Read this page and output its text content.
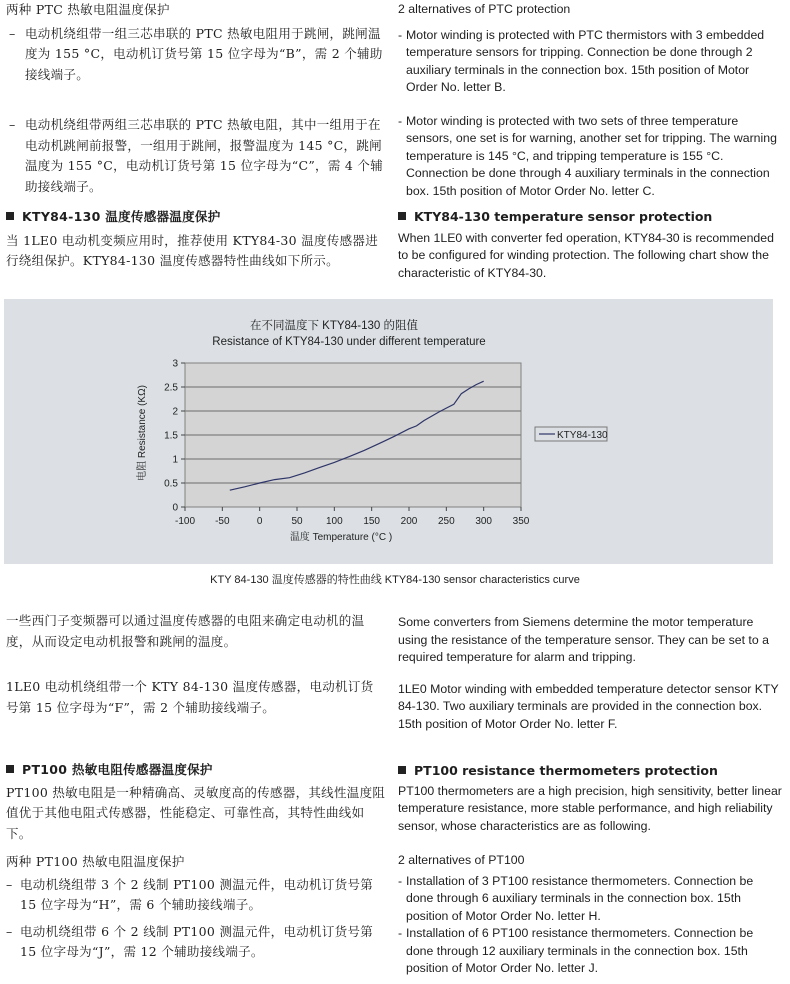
两种 PTC 热敏电阻温度保护
– 电动机绕组带一组三芯串联的 PTC 热敏电阻用于跳闸，跳闸温度为 155 °C，电动机订货号第 15 位字母为“B”，需 2 个辅助接线端子。
– 电动机绕组带两组三芯串联的 PTC 热敏电阻，其中一组用于在电动机跳闸前报警，一组用于跳闸，报警温度为 145 °C，跳闸温度为 155 °C，电动机订货号第 15 位字母为“C”，需 4 个辅助接线端子。
2 alternatives of PTC protection
- Motor winding is protected with PTC thermistors with 3 embedded temperature sensors for tripping. Connection be done through 2 auxiliary terminals in the connection box. 15th position of Motor Order No. letter B.
- Motor winding is protected with two sets of three temperature sensors, one set is for warning, another set for tripping. The warning temperature is 145 °C, and tripping temperature is 155 °C. Connection be done through 4 auxiliary terminals in the connection box. 15th position of Motor Order No. letter C.
KTY84-130 温度传感器温度保护
当 1LE0 电动机变频应用时，推荐使用 KTY84-30 温度传感器进行绕组保护。KTY84-130 温度传感器特性曲线如下所示。
KTY84-130 temperature sensor protection
When 1LE0 with converter fed operation, KTY84-30 is recommended to be configured for winding protection. The following chart show the characteristic of KTY84-30.
在不同温度下 KTY84-130 的阻值
Resistance of KTY84-130 under different temperature
0
0.5
1
1.5
2
2.5
3
-100 -50	0	50 100 150 200 250 300 350
温度 Temperature (°C )
电阻 Resistance (KΩ)	KTY84-130
KTY 84-130 温度传感器的特性曲线 KTY84-130 sensor characteristics curve
一些西门子变频器可以通过温度传感器的电阻来确定电动机的温度，从而设定电动机报警和跳闸的温度。
1LE0 电动机绕组带一个 KTY 84-130 温度传感器，电动机订货号第 15 位字母为“F”，需 2 个辅助接线端子。
Some converters from Siemens determine the motor temperature using the resistance of the temperature sensor. They can be set to a required temperature for alarm and tripping.
1LE0 Motor winding with embedded temperature detector sensor KTY 84-130. Two auxiliary terminals are provided in the connection box. 15th position of Motor Order No. letter F.
PT100 热敏电阻传感器温度保护
PT100 热敏电阻是一种精确高、灵敏度高的传感器，其线性温度阻值优于其他电阻式传感器，性能稳定、可靠性高，其特性曲线如下。
两种 PT100 热敏电阻温度保护
– 电动机绕组带 3 个 2 线制 PT100 测温元件，电动机订货号第 15 位字母为“H”，需 6 个辅助接线端子。
– 电动机绕组带 6 个 2 线制 PT100 测温元件，电动机订货号第 15 位字母为“J”，需 12 个辅助接线端子。
PT100 resistance thermometers protection
PT100 thermometers are a high precision, high sensitivity, better linear temperature resistance, more stable performance, and high reliability sensor, whose characteristics are as following.
2 alternatives of PT100
- Installation of 3 PT100 resistance thermometers. Connection be done through 6 auxiliary terminals in the connection box. 15th position of Motor Order No. letter H.
- Installation of 6 PT100 resistance thermometers. Connection be done through 12 auxiliary terminals in the connection box. 15th position of Motor Order No. letter J.
